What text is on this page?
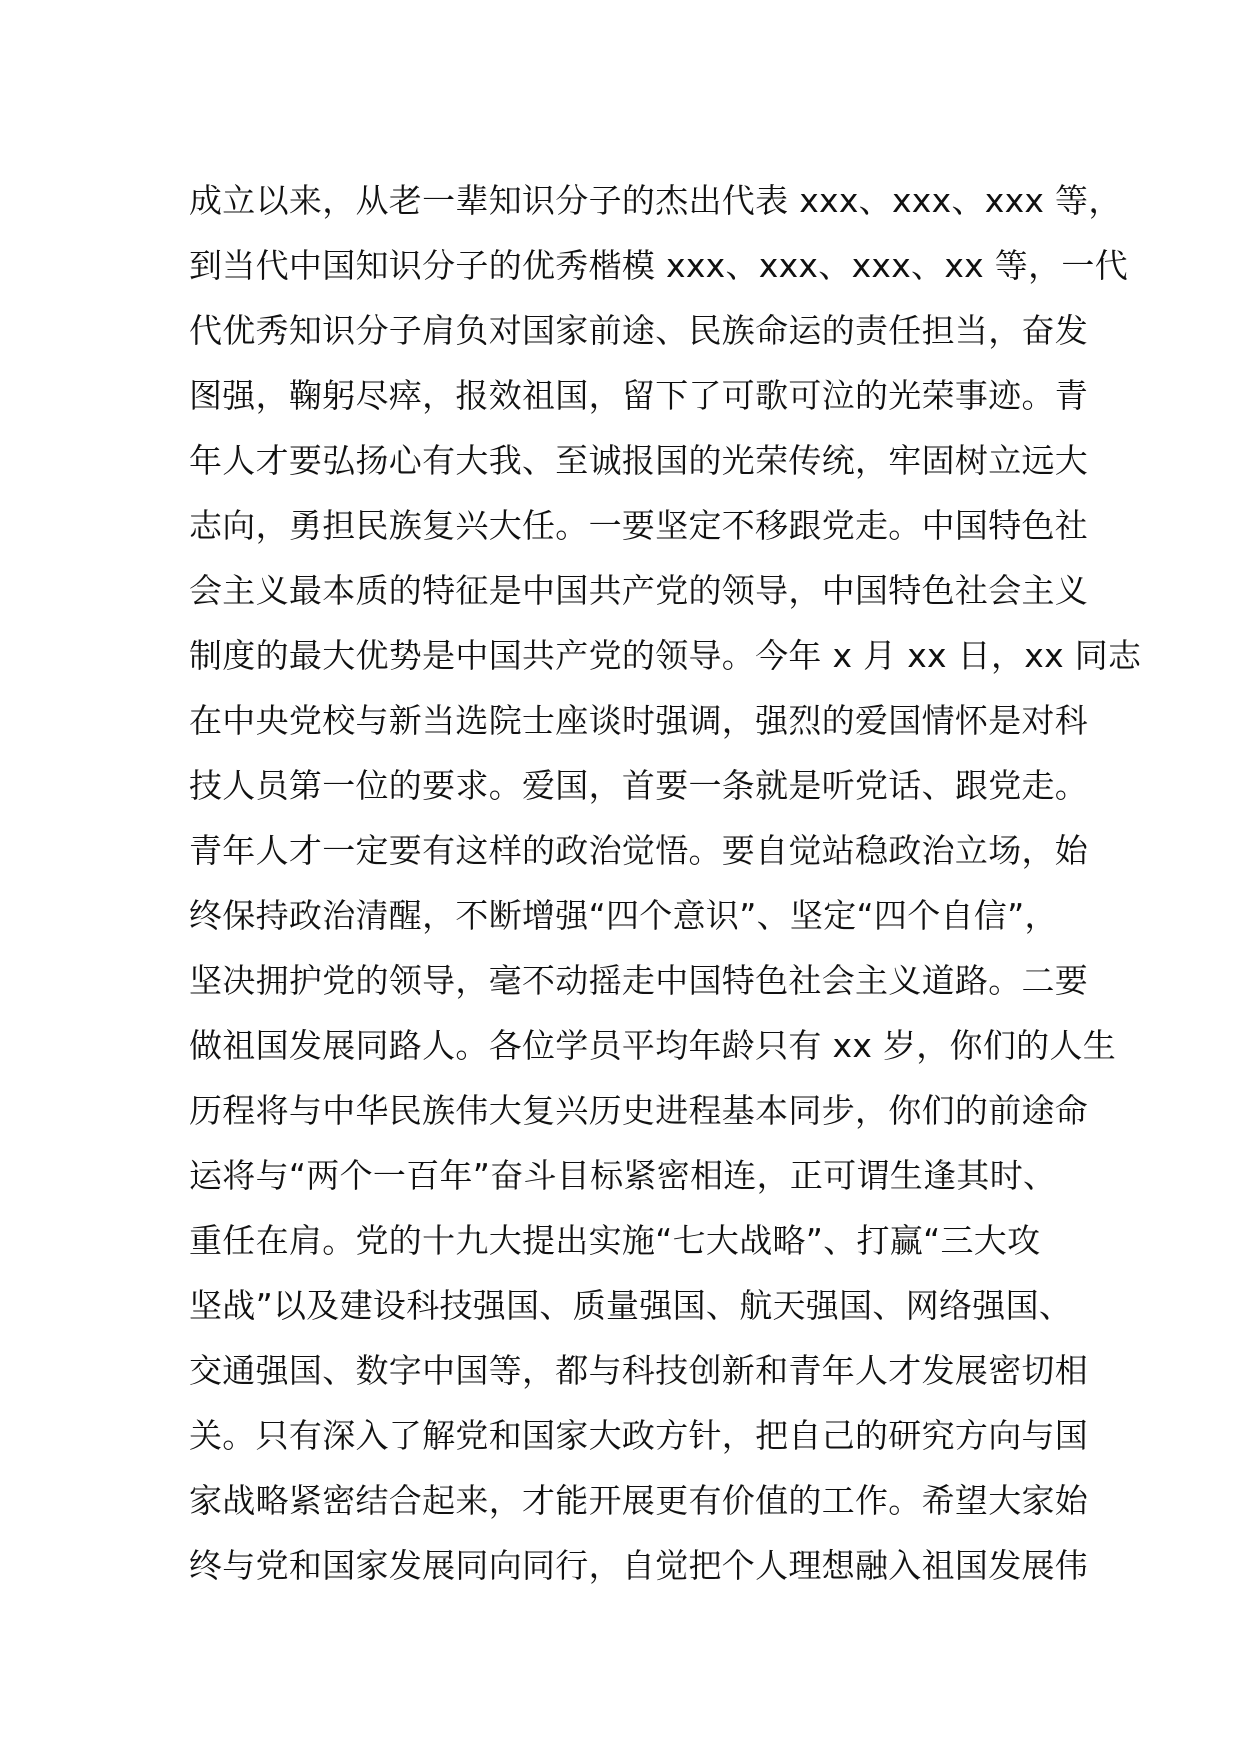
成立以来，从老一辈知识分子的杰出代表 xxx、xxx、xxx 等，
到当代中国知识分子的优秀楷模 xxx、xxx、xxx、xx 等，一代
代优秀知识分子肩负对国家前途、民族命运的责任担当，奋发
图强，鞠躬尽瘁，报效祖国，留下了可歌可泣的光荣事迹。青
年人才要弘扬心有大我、至诚报国的光荣传统，牢固树立远大
志向，勇担民族复兴大任。一要坚定不移跟党走。中国特色社
会主义最本质的特征是中国共产党的领导，中国特色社会主义
制度的最大优势是中国共产党的领导。今年 x 月 xx 日，xx 同志
在中央党校与新当选院士座谈时强调，强烈的爱国情怀是对科
技人员第一位的要求。爱国，首要一条就是听党话、跟党走。
青年人才一定要有这样的政治觉悟。要自觉站稳政治立场，始
终保持政治清醒，不断增强“四个意识”、坚定“四个自信”，
坚决拥护党的领导，毫不动摇走中国特色社会主义道路。二要
做祖国发展同路人。各位学员平均年龄只有 xx 岁，你们的人生
历程将与中华民族伟大复兴历史进程基本同步，你们的前途命
运将与“两个一百年”奋斗目标紧密相连，正可谓生逢其时、
重任在肩。党的十九大提出实施“七大战略”、打赢“三大攻
坚战”以及建设科技强国、质量强国、航天强国、网络强国、
交通强国、数字中国等，都与科技创新和青年人才发展密切相
关。只有深入了解党和国家大政方针，把自己的研究方向与国
家战略紧密结合起来，才能开展更有价值的工作。希望大家始
终与党和国家发展同向同行，自觉把个人理想融入祖国发展伟
